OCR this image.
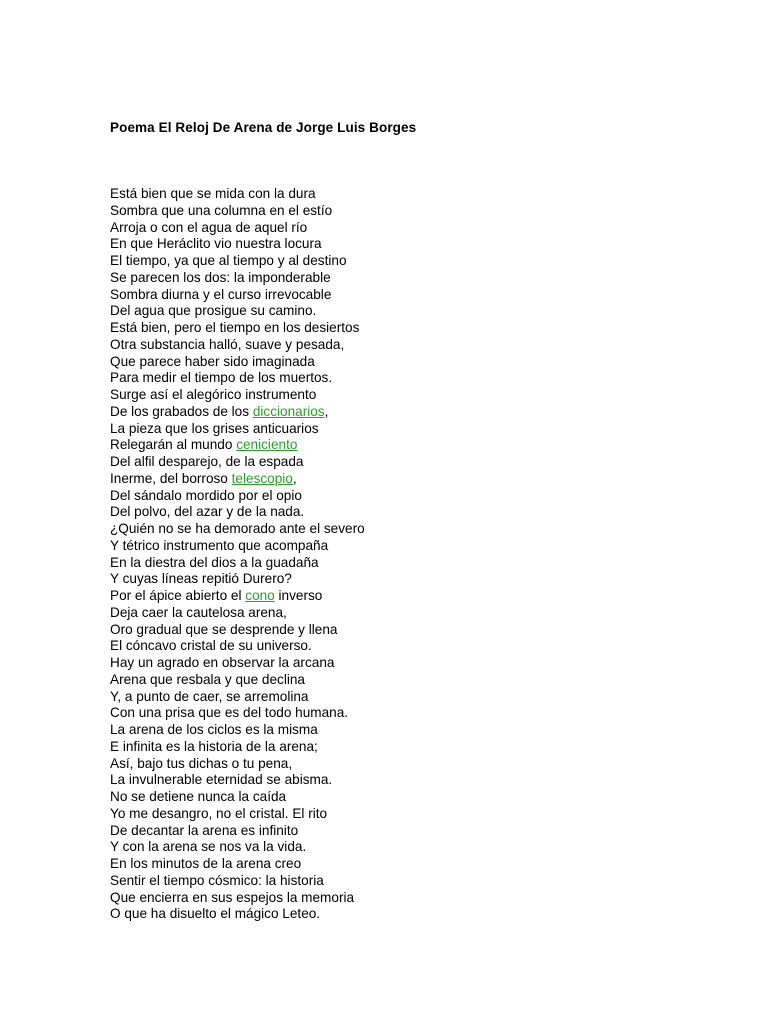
Poema El Reloj De Arena de Jorge Luis Borges
Está bien que se mida con la dura
Sombra que una columna en el estío
Arroja o con el agua de aquel río
En que Heráclito vio nuestra locura
El tiempo, ya que al tiempo y al destino
Se parecen los dos: la imponderable
Sombra diurna y el curso irrevocable
Del agua que prosigue su camino.
Está bien, pero el tiempo en los desiertos
Otra substancia halló, suave y pesada,
Que parece haber sido imaginada
Para medir el tiempo de los muertos.
Surge así el alegórico instrumento
De los grabados de los diccionarios,
La pieza que los grises anticuarios
Relegarán al mundo ceniciento
Del alfil desparejo, de la espada
Inerme, del borroso telescopio,
Del sándalo mordido por el opio
Del polvo, del azar y de la nada.
¿Quién no se ha demorado ante el severo
Y tétrico instrumento que acompaña
En la diestra del dios a la guadaña
Y cuyas líneas repitió Durero?
Por el ápice abierto el cono inverso
Deja caer la cautelosa arena,
Oro gradual que se desprende y llena
El cóncavo cristal de su universo.
Hay un agrado en observar la arcana
Arena que resbala y que declina
Y, a punto de caer, se arremolina
Con una prisa que es del todo humana.
La arena de los ciclos es la misma
E infinita es la historia de la arena;
Así, bajo tus dichas o tu pena,
La invulnerable eternidad se abisma.
No se detiene nunca la caída
Yo me desangro, no el cristal. El rito
De decantar la arena es infinito
Y con la arena se nos va la vida.
En los minutos de la arena creo
Sentir el tiempo cósmico: la historia
Que encierra en sus espejos la memoria
O que ha disuelto el mágico Leteo.
